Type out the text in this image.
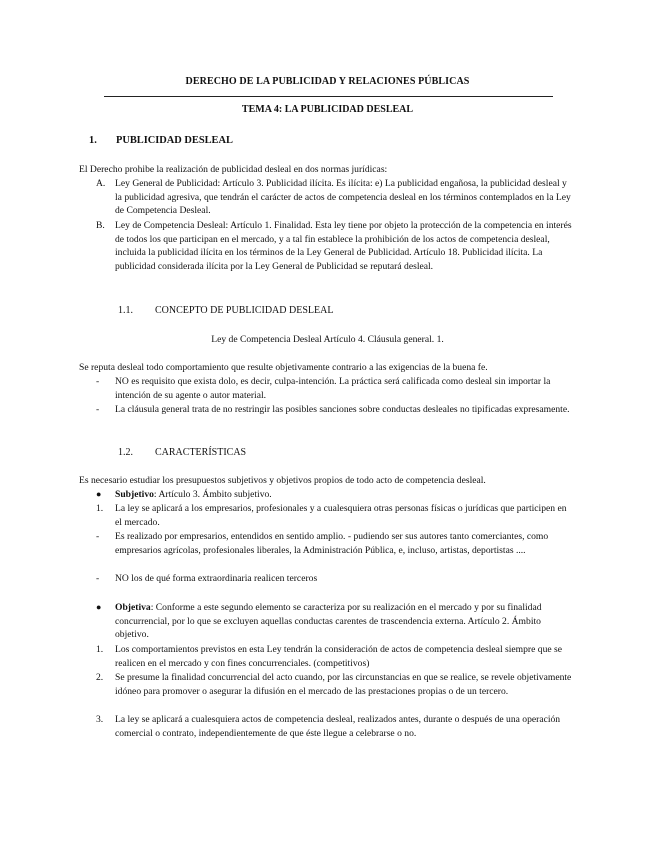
DERECHO DE LA PUBLICIDAD Y RELACIONES PÚBLICAS
TEMA 4: LA PUBLICIDAD DESLEAL
1. PUBLICIDAD DESLEAL

El Derecho prohibe la realización de publicidad desleal en dos normas jurídicas:

A.	Ley General de Publicidad: Artículo 3. Publicidad ilícita. Es ilícita: e) La publicidad engañosa, la publicidad desleal y la publicidad agresiva, que tendrán el carácter de actos de competencia desleal en los términos contemplados en la Ley de Competencia Desleal.

B.	Ley de Competencia Desleal: Artículo 1. Finalidad. Esta ley tiene por objeto la protección de la competencia en interés de todos los que participan en el mercado, y a tal fin establece la prohibición de los actos de competencia desleal, incluida la publicidad ilícita en los términos de la Ley General de Publicidad. Artículo 18. Publicidad ilícita. La publicidad considerada ilícita por la Ley General de Publicidad se reputará desleal.

1.1. CONCEPTO DE PUBLICIDAD DESLEAL

Ley de Competencia Desleal Artículo 4. Cláusula general. 1.

Se reputa desleal todo comportamiento que resulte objetivamente contrario a las exigencias de la buena fe.

-	NO es requisito que exista dolo, es decir, culpa-intención. La práctica será calificada como desleal sin importar la intención de su agente o autor material.

-	La cláusula general trata de no restringir las posibles sanciones sobre conductas desleales no tipificadas expresamente.

1.2. CARACTERÍSTICAS

Es necesario estudiar los presupuestos subjetivos y objetivos propios de todo acto de competencia desleal.

●	Subjetivo: Artículo 3. Ámbito subjetivo.

1.	La ley se aplicará a los empresarios, profesionales y a cualesquiera otras personas físicas o jurídicas que participen en el mercado.

-	Es realizado por empresarios, entendidos en sentido amplio. - pudiendo ser sus autores tanto comerciantes, como empresarios agrícolas, profesionales liberales, la Administración Pública, e, incluso, artistas, deportistas ....

-	NO los de qué forma extraordinaria realicen terceros

●	Objetiva: Conforme a este segundo elemento se caracteriza por su realización en el mercado y por su finalidad concurrencial, por lo que se excluyen aquellas conductas carentes de trascendencia externa. Artículo 2. Ámbito objetivo.

1.	Los comportamientos previstos en esta Ley tendrán la consideración de actos de competencia desleal siempre que se realicen en el mercado y con fines concurrenciales. (competitivos)

2.	Se presume la finalidad concurrencial del acto cuando, por las circunstancias en que se realice, se revele objetivamente idóneo para promover o asegurar la difusión en el mercado de las prestaciones propias o de un tercero.

3.	La ley se aplicará a cualesquiera actos de competencia desleal, realizados antes, durante o después de una operación comercial o contrato, independientemente de que éste llegue a celebrarse o no.
